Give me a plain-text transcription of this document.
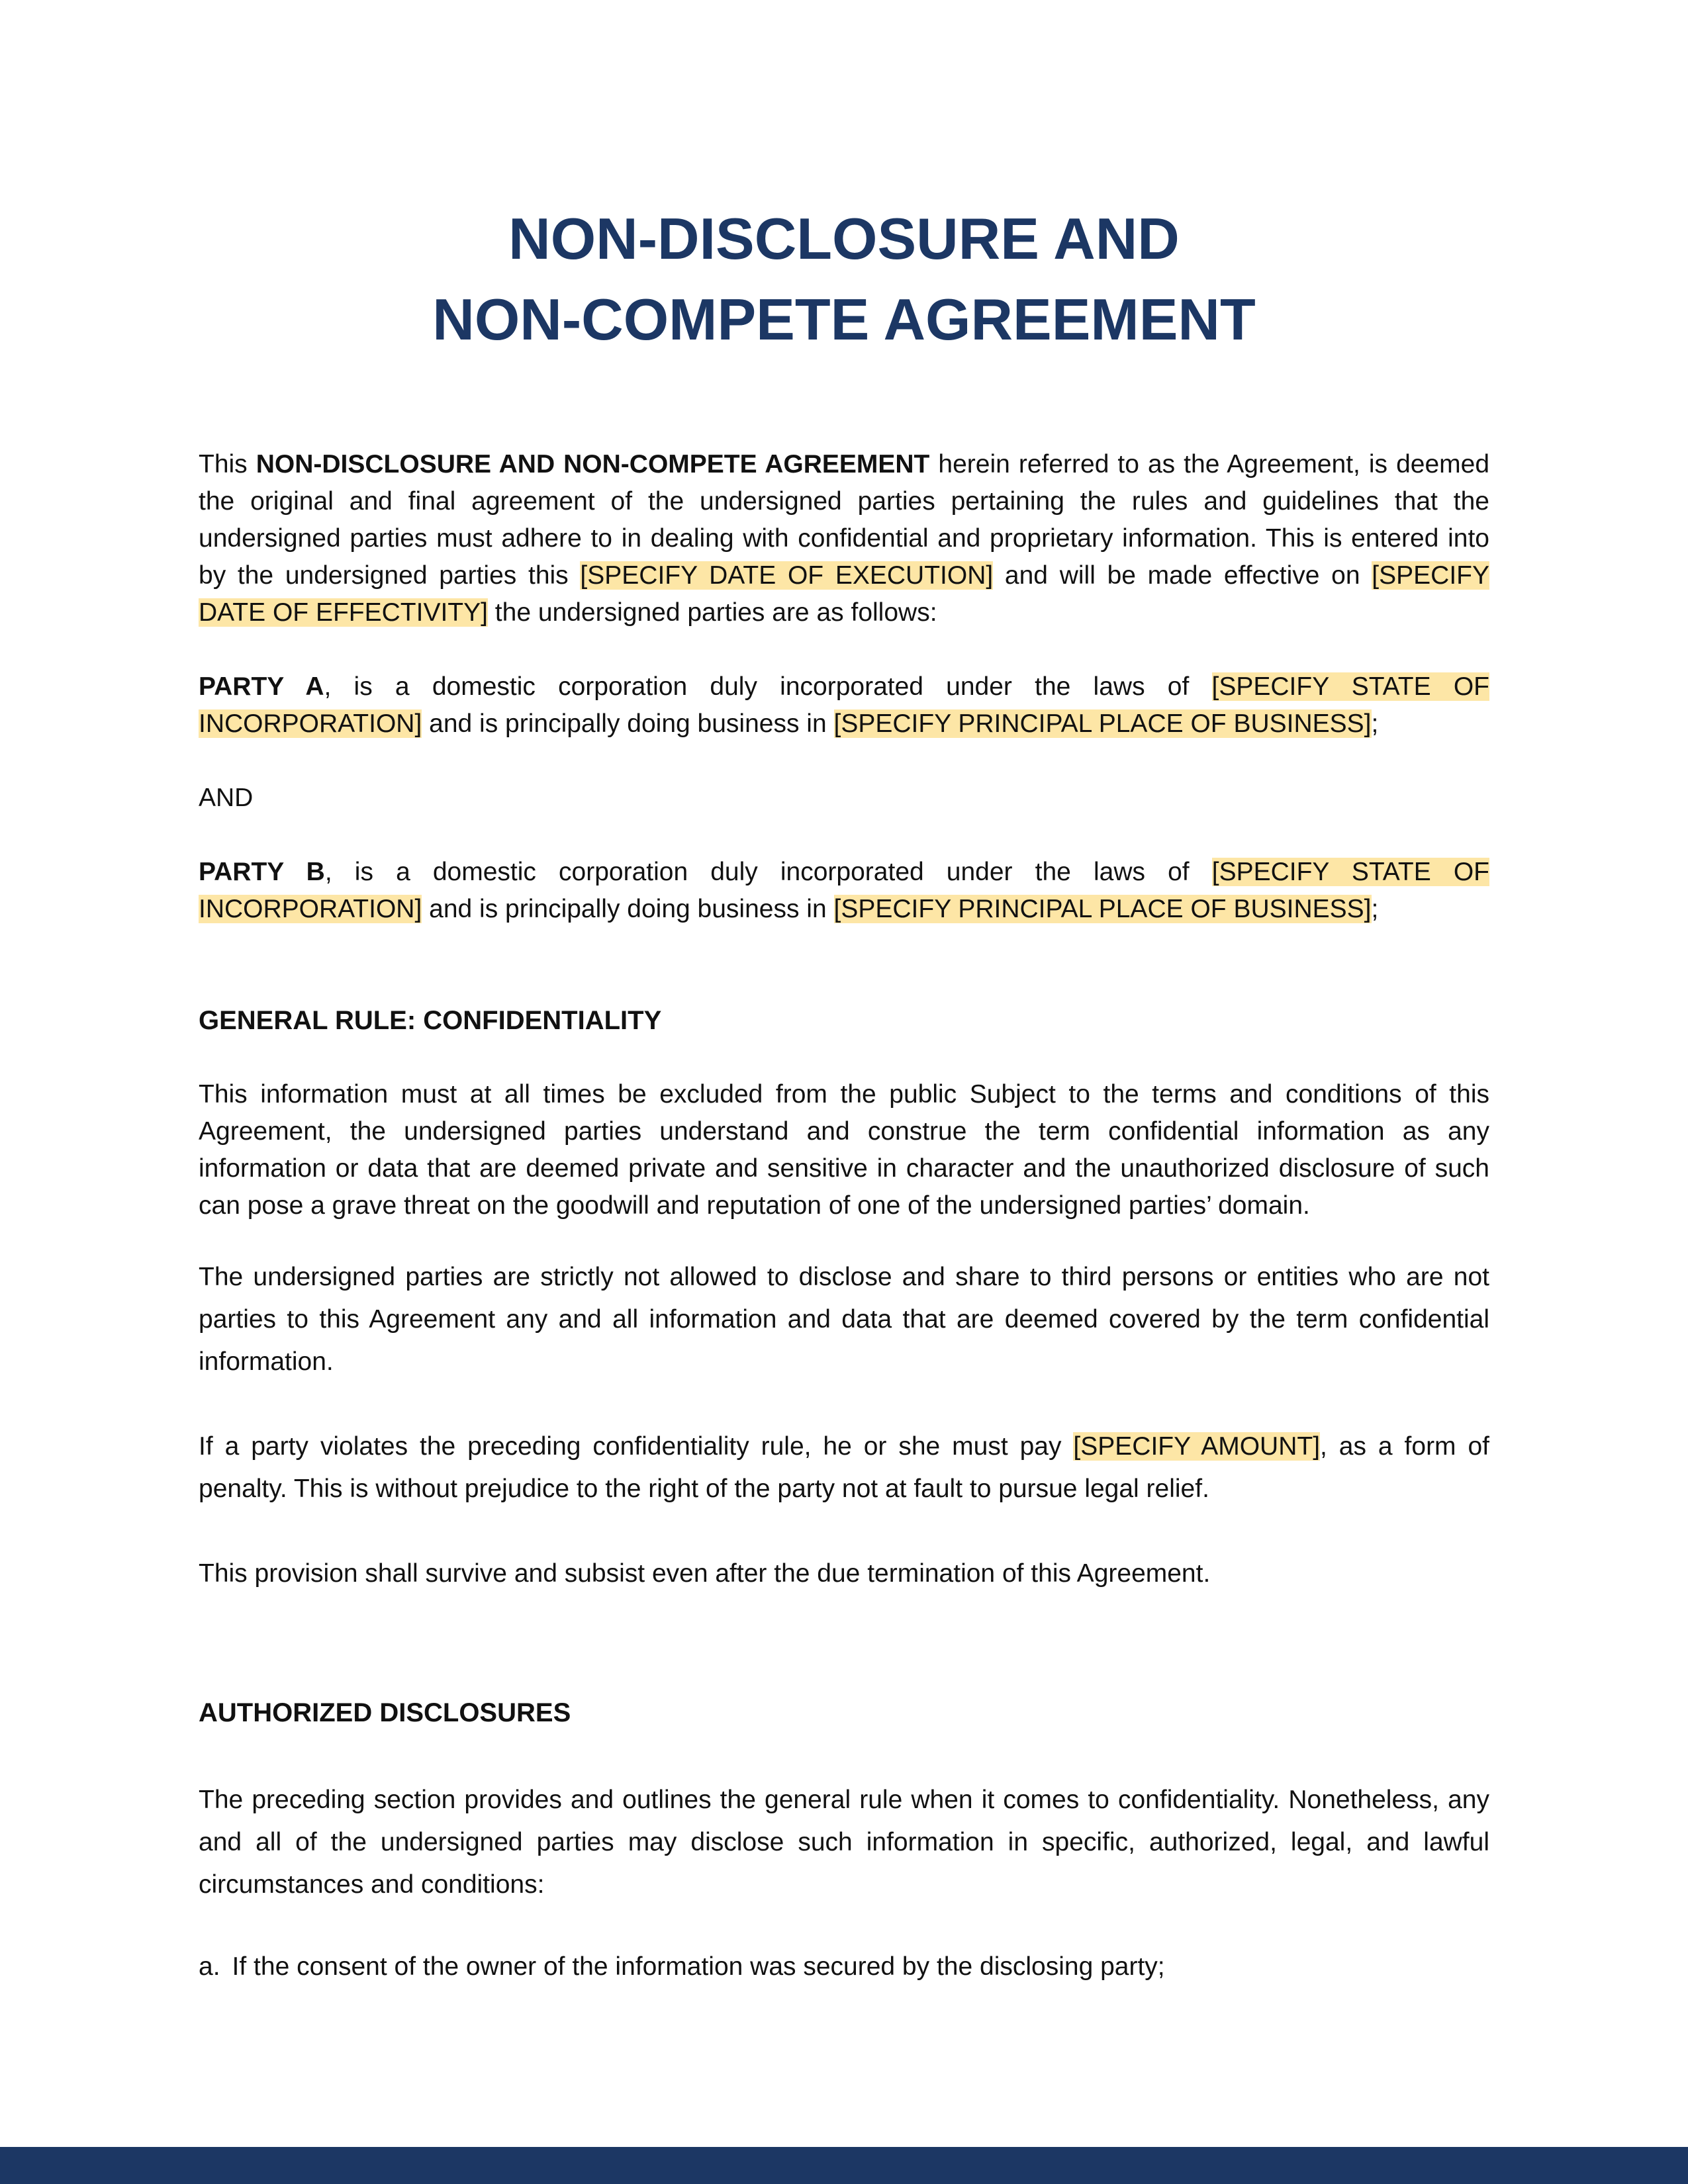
NON-DISCLOSURE AND
NON-COMPETE AGREEMENT

This NON-DISCLOSURE AND NON-COMPETE AGREEMENT herein referred to as the Agreement, is deemed the original and final agreement of the undersigned parties pertaining the rules and guidelines that the undersigned parties must adhere to in dealing with confidential and proprietary information. This is entered into by the undersigned parties this [SPECIFY DATE OF EXECUTION] and will be made effective on [SPECIFY DATE OF EFFECTIVITY] the undersigned parties are as follows:

PARTY A, is a domestic corporation duly incorporated under the laws of [SPECIFY STATE OF INCORPORATION] and is principally doing business in [SPECIFY PRINCIPAL PLACE OF BUSINESS];

AND

PARTY B, is a domestic corporation duly incorporated under the laws of [SPECIFY STATE OF INCORPORATION] and is principally doing business in [SPECIFY PRINCIPAL PLACE OF BUSINESS];

GENERAL RULE: CONFIDENTIALITY

This information must at all times be excluded from the public Subject to the terms and conditions of this Agreement, the undersigned parties understand and construe the term confidential information as any information or data that are deemed private and sensitive in character and the unauthorized disclosure of such can pose a grave threat on the goodwill and reputation of one of the undersigned parties’ domain.

The undersigned parties are strictly not allowed to disclose and share to third persons or entities who are not parties to this Agreement any and all information and data that are deemed covered by the term confidential information.

If a party violates the preceding confidentiality rule, he or she must pay [SPECIFY AMOUNT], as a form of penalty. This is without prejudice to the right of the party not at fault to pursue legal relief.

This provision shall survive and subsist even after the due termination of this Agreement.

AUTHORIZED DISCLOSURES

The preceding section provides and outlines the general rule when it comes to confidentiality. Nonetheless, any and all of the undersigned parties may disclose such information in specific, authorized, legal, and lawful circumstances and conditions:

a. If the consent of the owner of the information was secured by the disclosing party;
